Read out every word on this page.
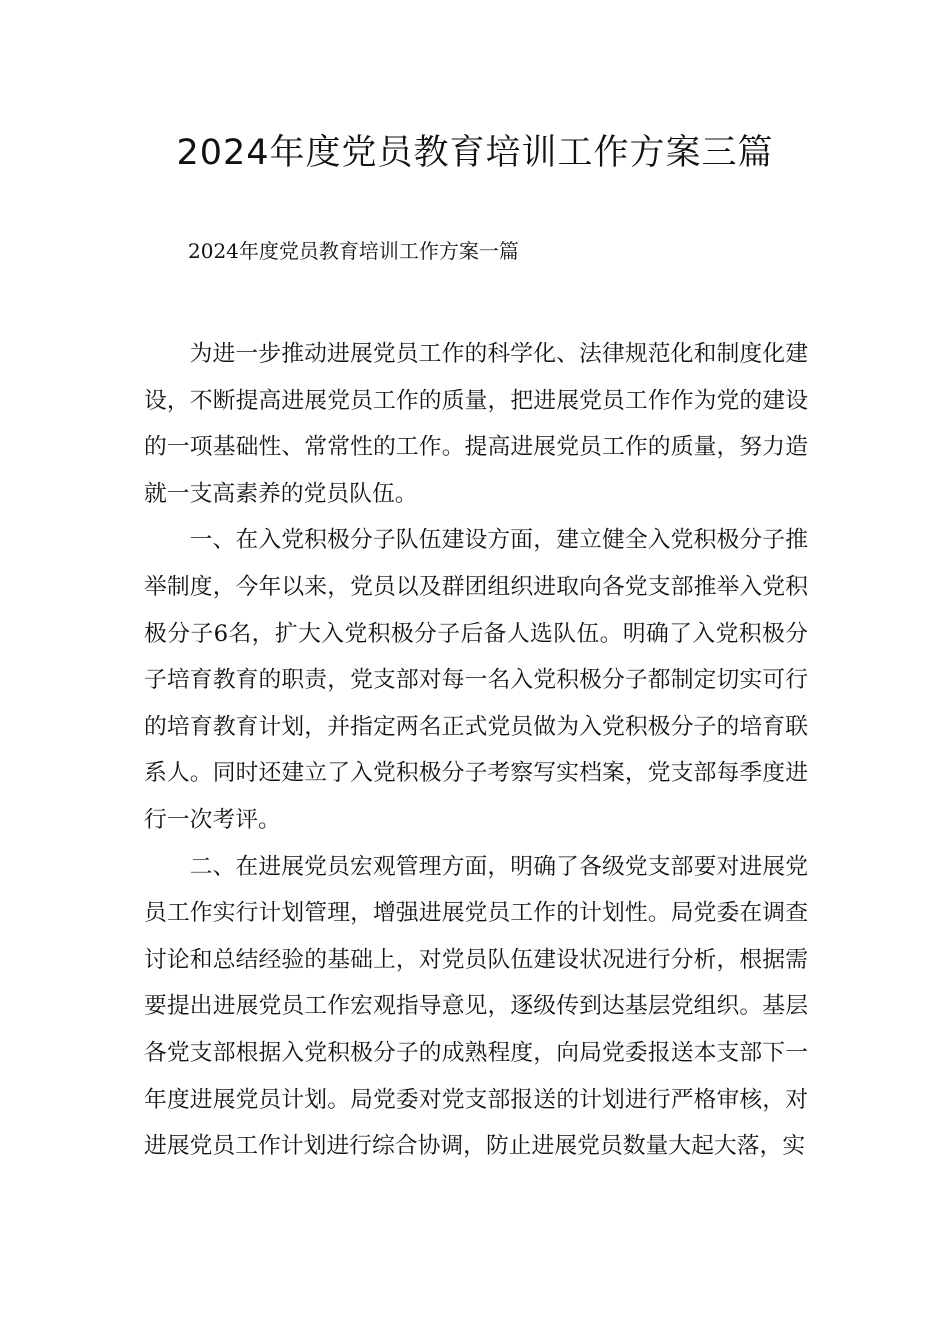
2024年度党员教育培训工作方案三篇

2024年度党员教育培训工作方案一篇

为进一步推动进展党员工作的科学化、法律规范化和制度化建设，不断提高进展党员工作的质量，把进展党员工作作为党的建设的一项基础性、常常性的工作。提高进展党员工作的质量，努力造就一支高素养的党员队伍。

一、在入党积极分子队伍建设方面，建立健全入党积极分子推举制度，今年以来，党员以及群团组织进取向各党支部推举入党积极分子6名，扩大入党积极分子后备人选队伍。明确了入党积极分子培育教育的职责，党支部对每一名入党积极分子都制定切实可行的培育教育计划，并指定两名正式党员做为入党积极分子的培育联系人。同时还建立了入党积极分子考察写实档案，党支部每季度进行一次考评。

二、在进展党员宏观管理方面，明确了各级党支部要对进展党员工作实行计划管理，增强进展党员工作的计划性。局党委在调查讨论和总结经验的基础上，对党员队伍建设状况进行分析，根据需要提出进展党员工作宏观指导意见，逐级传到达基层党组织。基层各党支部根据入党积极分子的成熟程度，向局党委报送本支部下一年度进展党员计划。局党委对党支部报送的计划进行严格审核，对进展党员工作计划进行综合协调，防止进展党员数量大起大落，实
